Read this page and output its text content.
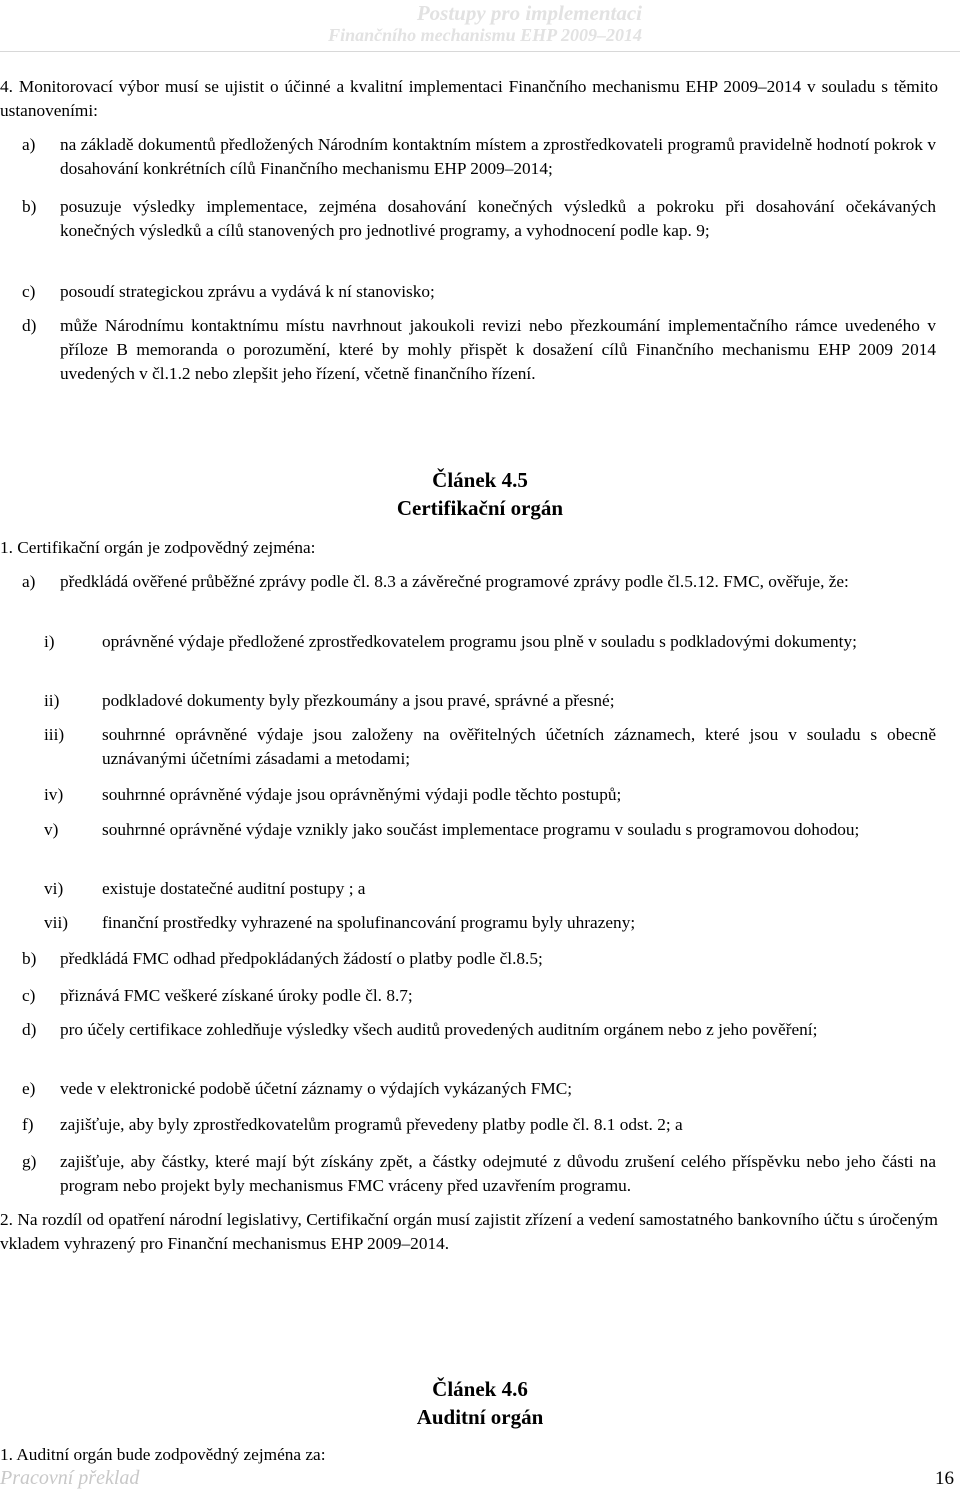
Postupy pro implementaci
Finančního mechanismu EHP 2009–2014
4. Monitorovací výbor musí se ujistit o účinné a kvalitní implementaci Finančního mechanismu EHP 2009–2014 v souladu s těmito ustanoveními:
a)	na základě dokumentů předložených Národním kontaktním místem a zprostředkovateli programů pravidelně hodnotí pokrok v dosahování konkrétních cílů Finančního mechanismu EHP 2009–2014;
b)	posuzuje výsledky implementace, zejména dosahování konečných výsledků a pokroku při dosahování očekávaných konečných výsledků a cílů stanovených pro jednotlivé programy, a vyhodnocení podle kap. 9;
c)	posoudí strategickou zprávu a vydává k ní stanovisko;
d)	může Národnímu kontaktnímu místu navrhnout jakoukoli revizi nebo přezkoumání implementačního rámce uvedeného v příloze B memoranda o porozumění, které by mohly přispět k dosažení cílů Finančního mechanismu EHP 2009 2014 uvedených v čl.1.2 nebo zlepšit jeho řízení, včetně finančního řízení.
Článek 4.5
Certifikační orgán
1. Certifikační orgán je zodpovědný zejména:
a)	předkládá ověřené průběžné zprávy podle čl. 8.3 a závěrečné programové zprávy podle čl.5.12. FMC, ověřuje, že:
i)	oprávněné výdaje předložené zprostředkovatelem programu jsou plně v souladu s podkladovými dokumenty;
ii)	podkladové dokumenty byly přezkoumány a jsou pravé, správné a přesné;
iii)	souhrnné oprávněné výdaje jsou založeny na ověřitelných účetních záznamech, které jsou v souladu s obecně uznávanými účetními zásadami a metodami;
iv)	souhrnné oprávněné výdaje jsou oprávněnými výdaji podle těchto postupů;
v)	souhrnné oprávněné výdaje vznikly jako součást implementace programu v souladu s programovou dohodou;
vi)	existuje dostatečné auditní postupy ; a
vii)	finanční prostředky vyhrazené na spolufinancování programu byly uhrazeny;
b)	předkládá FMC odhad předpokládaných žádostí o platby podle čl.8.5;
c)	přiznává FMC veškeré získané úroky podle čl. 8.7;
d)	pro účely certifikace zohledňuje výsledky všech auditů provedených auditním orgánem nebo z jeho pověření;
e)	vede v elektronické podobě účetní záznamy o výdajích vykázaných FMC;
f)	zajišťuje, aby byly zprostředkovatelům programů převedeny platby podle čl. 8.1 odst. 2; a
g)	zajišťuje, aby částky, které mají být získány zpět, a částky odejmuté z důvodu zrušení celého příspěvku nebo jeho části na program nebo projekt byly mechanismus FMC vráceny před uzavřením programu.
2. Na rozdíl od opatření národní legislativy, Certifikační orgán musí zajistit zřízení a vedení samostatného bankovního účtu s úročeným vkladem vyhrazený pro Finanční mechanismus EHP 2009–2014.
Článek 4.6
Auditní orgán
1. Auditní orgán bude zodpovědný zejména za:
Pracovní překlad	16
